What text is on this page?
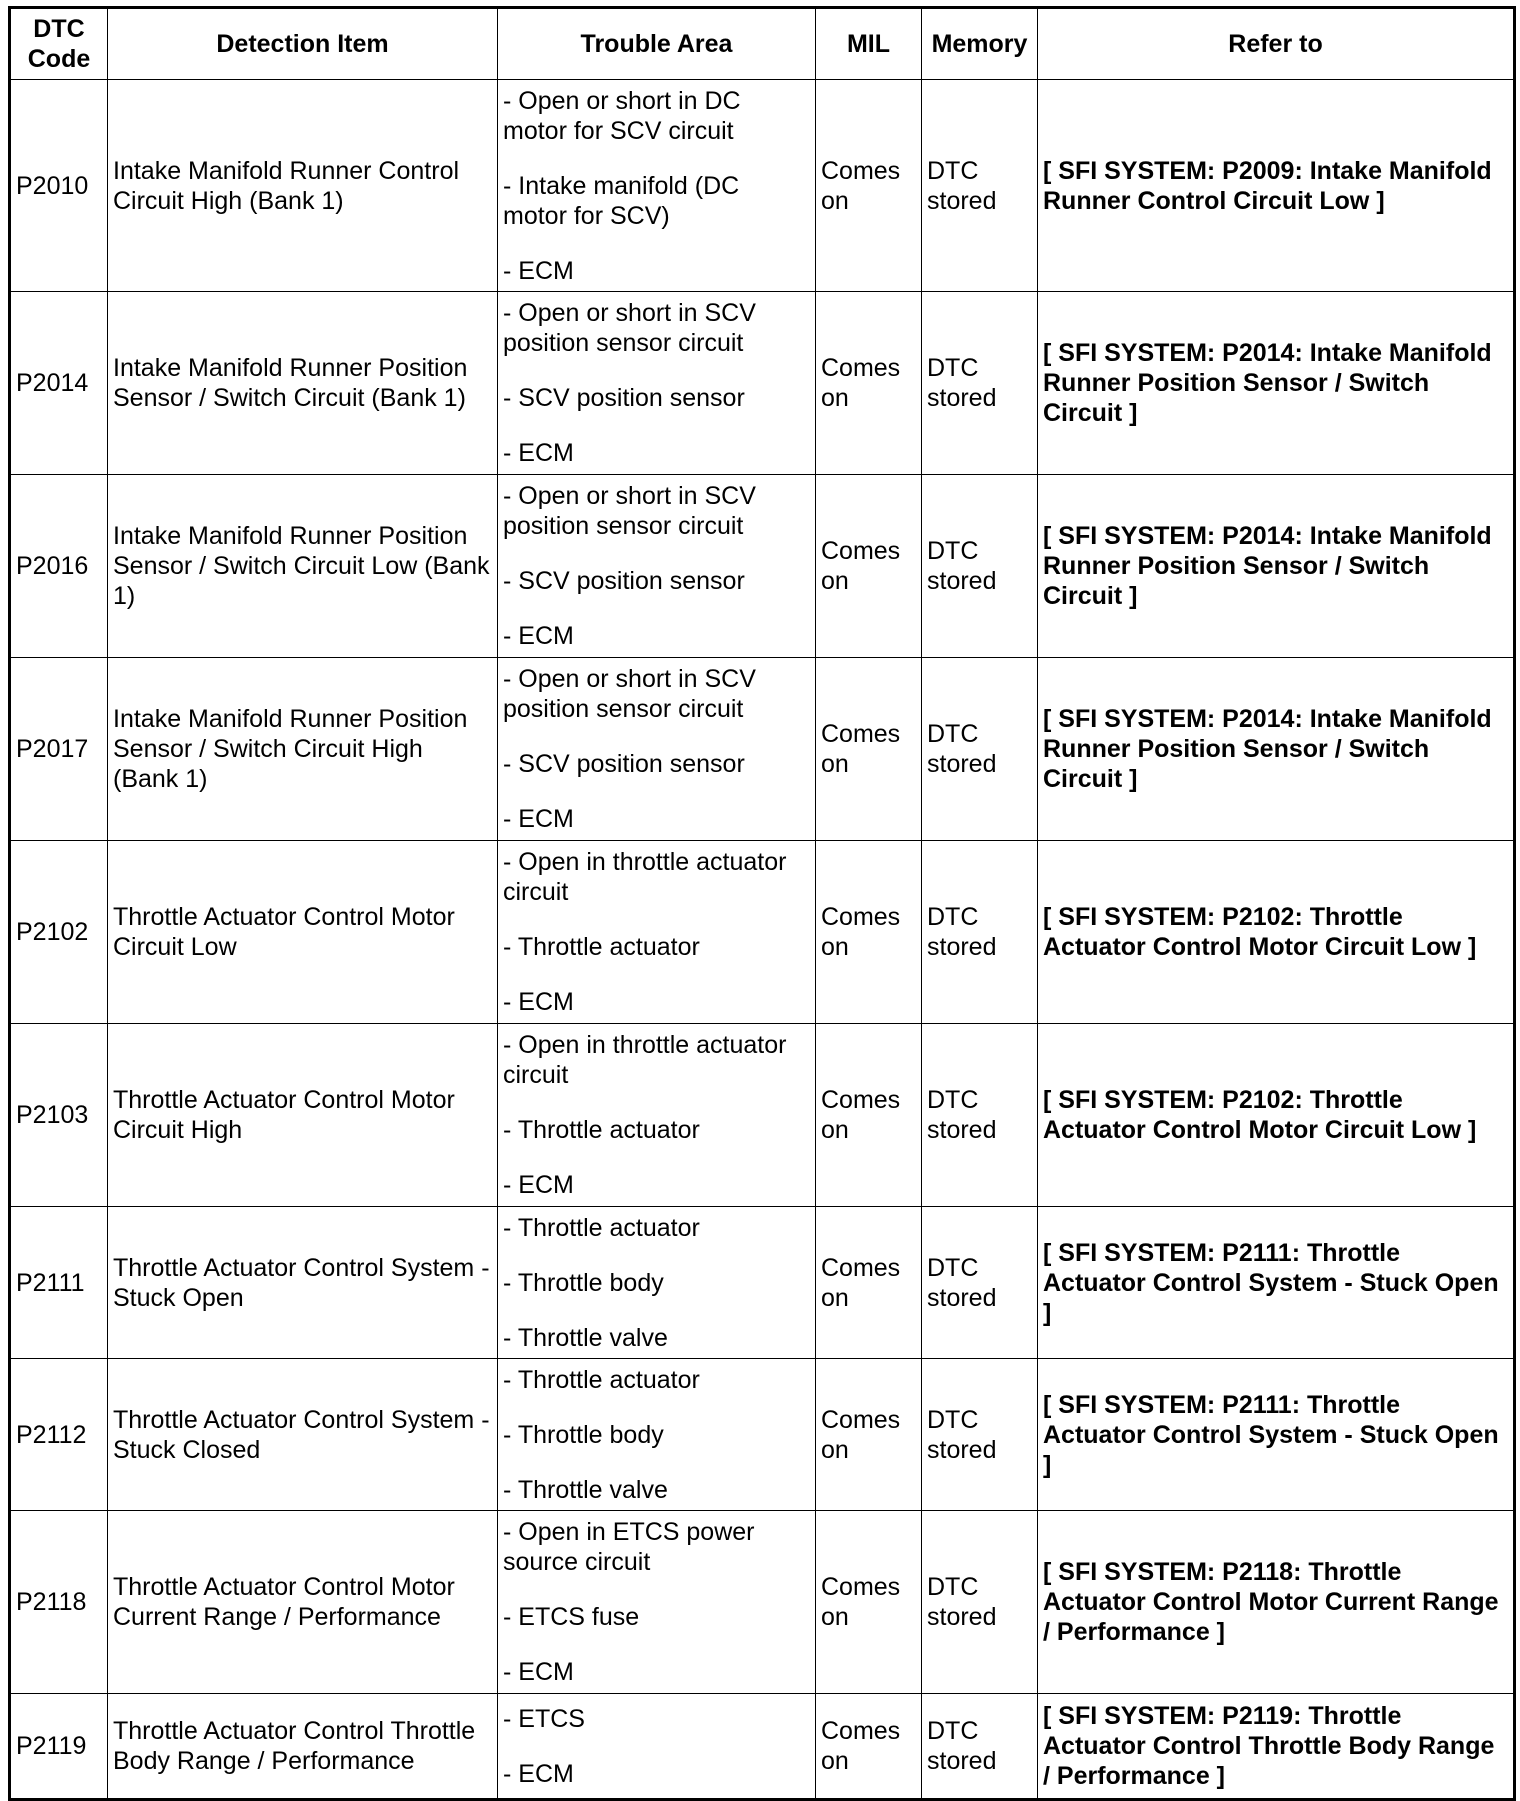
DTC
Code	Detection Item	Trouble Area	MIL	Memory	Refer to
P2010	Intake Manifold Runner Control Circuit High (Bank 1)	- Open or short in DC motor for SCV circuit
- Intake manifold (DC motor for SCV)
- ECM	Comes on	DTC stored	[ SFI SYSTEM: P2009: Intake Manifold Runner Control Circuit Low ]
P2014	Intake Manifold Runner Position Sensor / Switch Circuit (Bank 1)	- Open or short in SCV position sensor circuit
- SCV position sensor
- ECM	Comes on	DTC stored	[ SFI SYSTEM: P2014: Intake Manifold Runner Position Sensor / Switch Circuit ]
P2016	Intake Manifold Runner Position Sensor / Switch Circuit Low (Bank 1)	- Open or short in SCV position sensor circuit
- SCV position sensor
- ECM	Comes on	DTC stored	[ SFI SYSTEM: P2014: Intake Manifold Runner Position Sensor / Switch Circuit ]
P2017	Intake Manifold Runner Position Sensor / Switch Circuit High (Bank 1)	- Open or short in SCV position sensor circuit
- SCV position sensor
- ECM	Comes on	DTC stored	[ SFI SYSTEM: P2014: Intake Manifold Runner Position Sensor / Switch Circuit ]
P2102	Throttle Actuator Control Motor Circuit Low	- Open in throttle actuator circuit
- Throttle actuator
- ECM	Comes on	DTC stored	[ SFI SYSTEM: P2102: Throttle Actuator Control Motor Circuit Low ]
P2103	Throttle Actuator Control Motor Circuit High	- Open in throttle actuator circuit
- Throttle actuator
- ECM	Comes on	DTC stored	[ SFI SYSTEM: P2102: Throttle Actuator Control Motor Circuit Low ]
P2111	Throttle Actuator Control System - Stuck Open	- Throttle actuator
- Throttle body
- Throttle valve	Comes on	DTC stored	[ SFI SYSTEM: P2111: Throttle Actuator Control System - Stuck Open ]
P2112	Throttle Actuator Control System - Stuck Closed	- Throttle actuator
- Throttle body
- Throttle valve	Comes on	DTC stored	[ SFI SYSTEM: P2111: Throttle Actuator Control System - Stuck Open ]
P2118	Throttle Actuator Control Motor Current Range / Performance	- Open in ETCS power source circuit
- ETCS fuse
- ECM	Comes on	DTC stored	[ SFI SYSTEM: P2118: Throttle Actuator Control Motor Current Range / Performance ]
P2119	Throttle Actuator Control Throttle Body Range / Performance	- ETCS
- ECM	Comes on	DTC stored	[ SFI SYSTEM: P2119: Throttle Actuator Control Throttle Body Range / Performance ]
